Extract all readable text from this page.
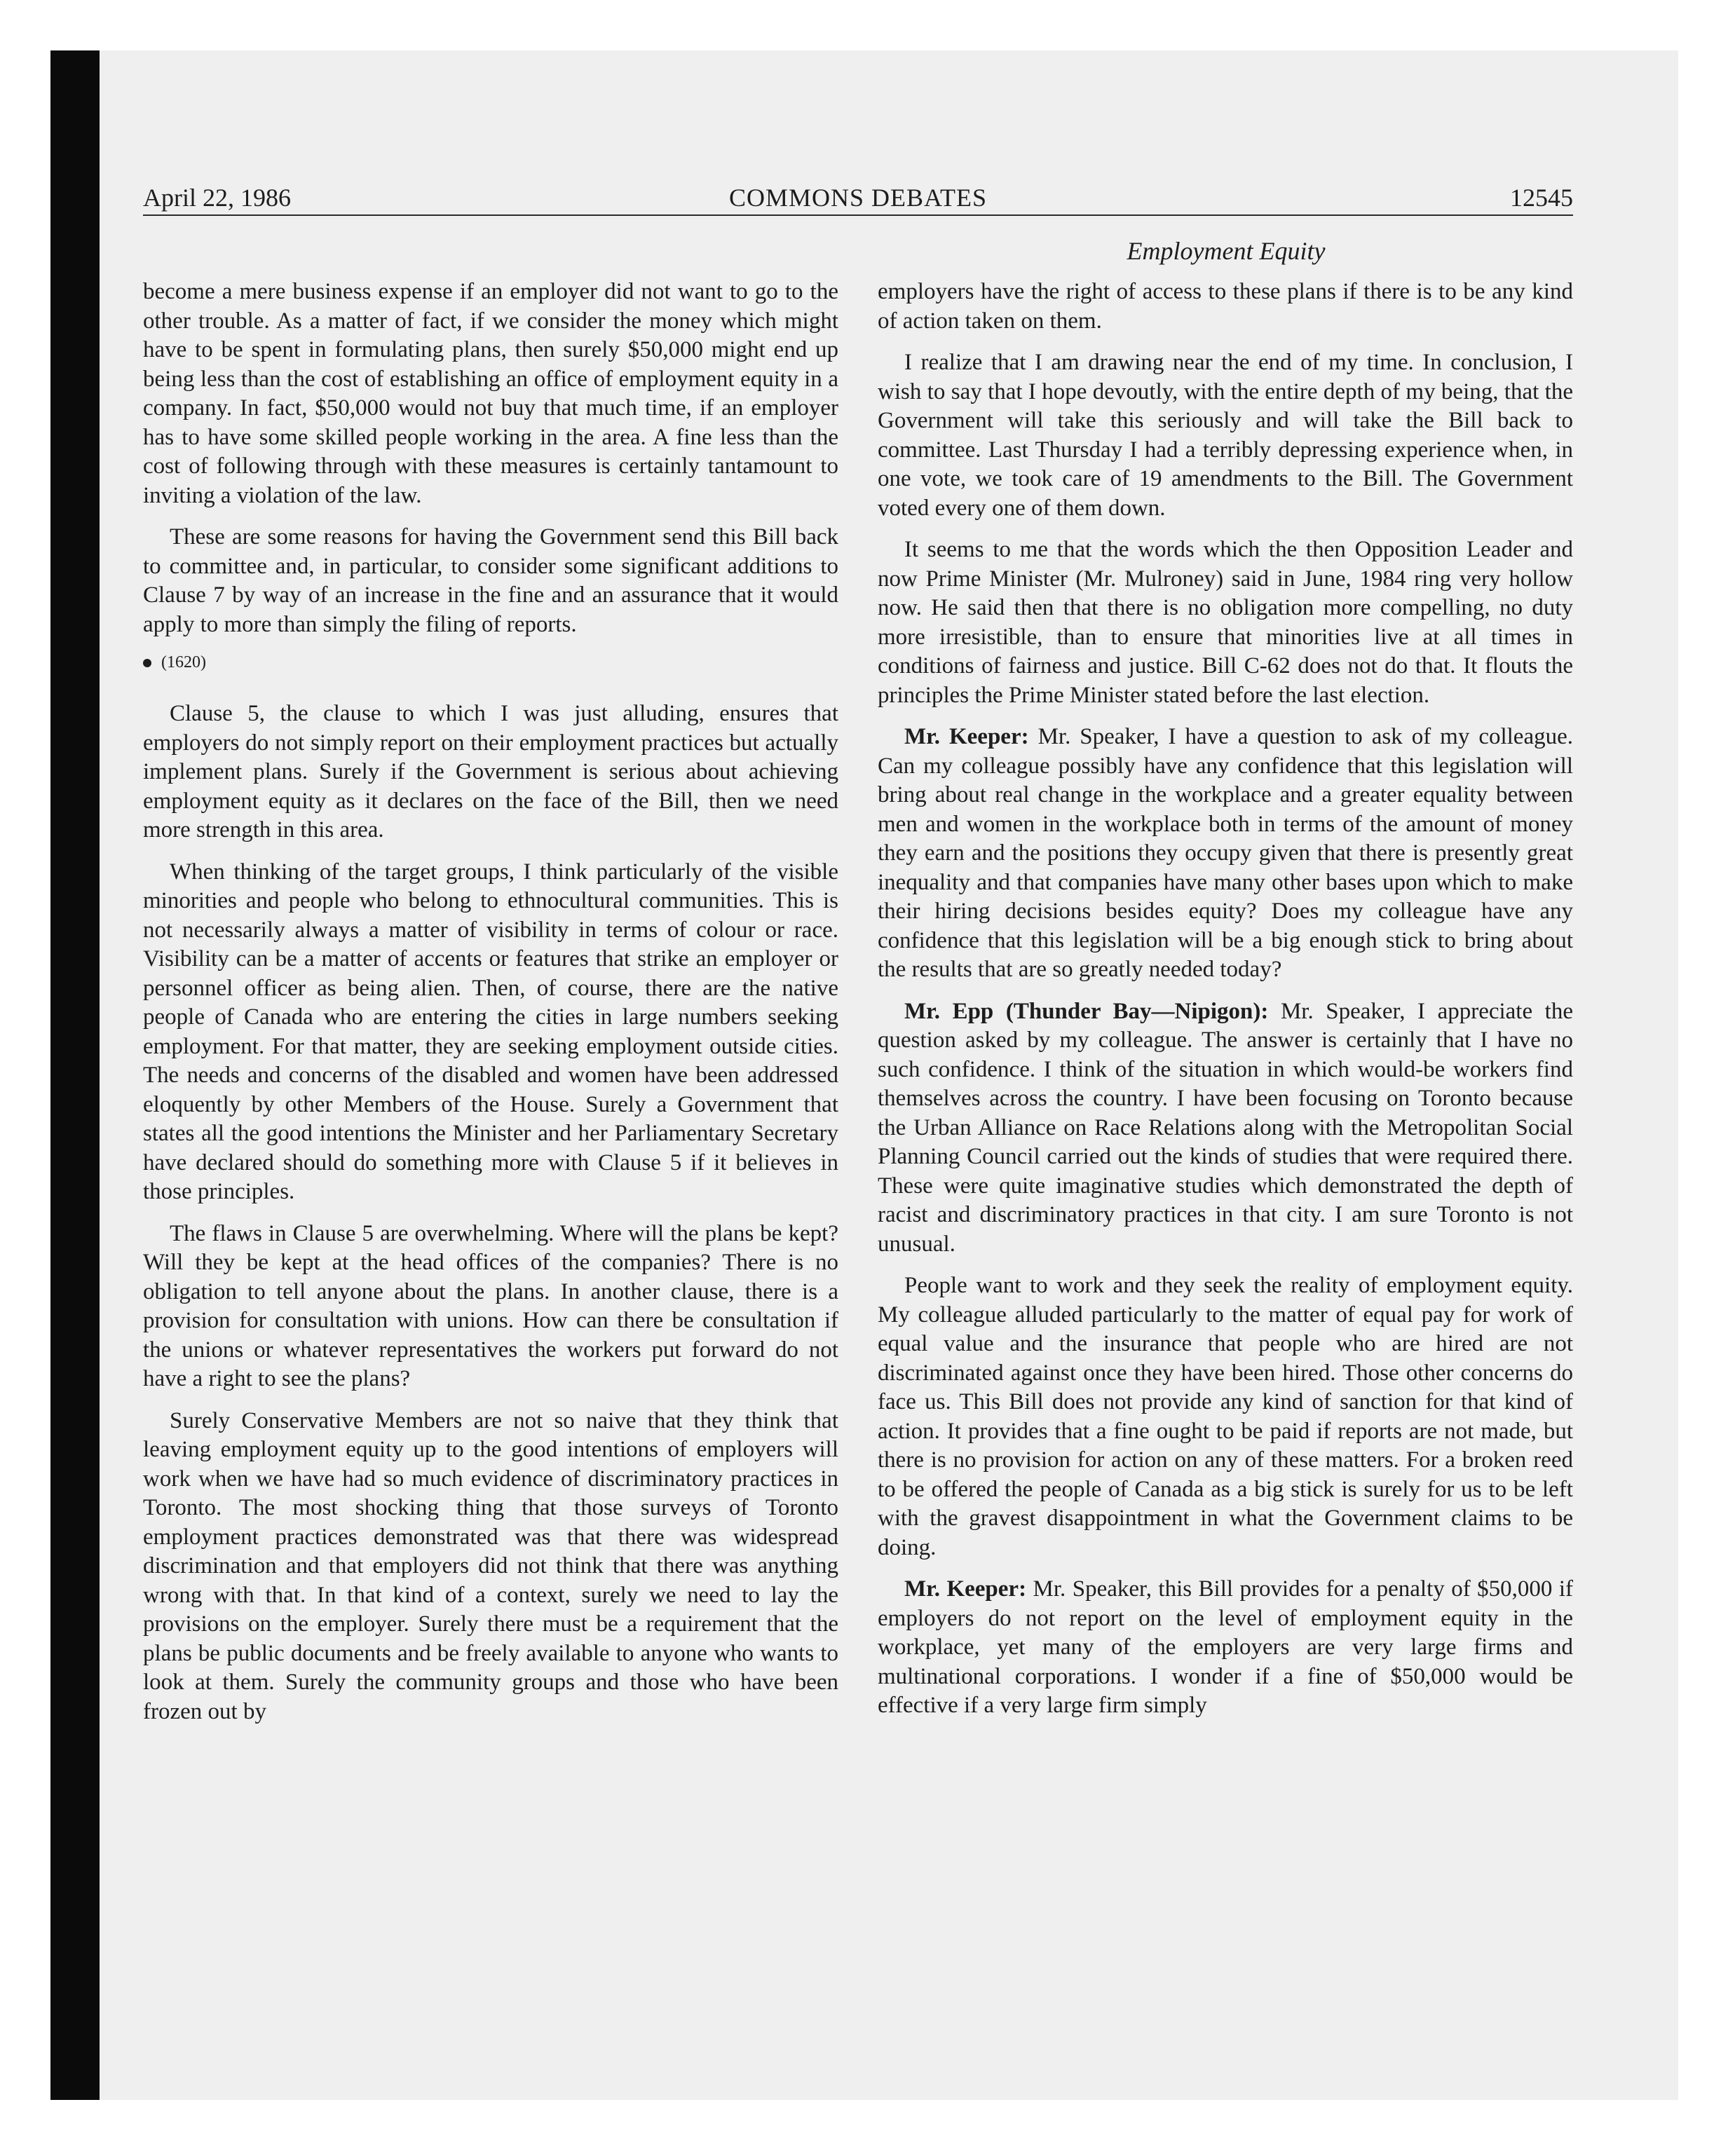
April 22, 1986	COMMONS DEBATES	12545
Employment Equity

become a mere business expense if an employer did not want to go to the other trouble. As a matter of fact, if we consider the money which might have to be spent in formulating plans, then surely $50,000 might end up being less than the cost of establishing an office of employment equity in a company. In fact, $50,000 would not buy that much time, if an employer has to have some skilled people working in the area. A fine less than the cost of following through with these measures is certainly tantamount to inviting a violation of the law.

These are some reasons for having the Government send this Bill back to committee and, in particular, to consider some significant additions to Clause 7 by way of an increase in the fine and an assurance that it would apply to more than simply the filing of reports.

(1620)

Clause 5, the clause to which I was just alluding, ensures that employers do not simply report on their employment practices but actually implement plans. Surely if the Government is serious about achieving employment equity as it declares on the face of the Bill, then we need more strength in this area.

When thinking of the target groups, I think particularly of the visible minorities and people who belong to ethnocultural communities. This is not necessarily always a matter of visibility in terms of colour or race. Visibility can be a matter of accents or features that strike an employer or personnel officer as being alien. Then, of course, there are the native people of Canada who are entering the cities in large numbers seeking employment. For that matter, they are seeking employment outside cities. The needs and concerns of the disabled and women have been addressed eloquently by other Members of the House. Surely a Government that states all the good intentions the Minister and her Parliamentary Secretary have declared should do something more with Clause 5 if it believes in those principles.

The flaws in Clause 5 are overwhelming. Where will the plans be kept? Will they be kept at the head offices of the companies? There is no obligation to tell anyone about the plans. In another clause, there is a provision for consultation with unions. How can there be consultation if the unions or whatever representatives the workers put forward do not have a right to see the plans?

Surely Conservative Members are not so naive that they think that leaving employment equity up to the good intentions of employers will work when we have had so much evidence of discriminatory practices in Toronto. The most shocking thing that those surveys of Toronto employment practices demonstrated was that there was widespread discrimination and that employers did not think that there was anything wrong with that. In that kind of a context, surely we need to lay the provisions on the employer. Surely there must be a requirement that the plans be public documents and be freely available to anyone who wants to look at them. Surely the community groups and those who have been frozen out by

employers have the right of access to these plans if there is to be any kind of action taken on them.

I realize that I am drawing near the end of my time. In conclusion, I wish to say that I hope devoutly, with the entire depth of my being, that the Government will take this seriously and will take the Bill back to committee. Last Thursday I had a terribly depressing experience when, in one vote, we took care of 19 amendments to the Bill. The Government voted every one of them down.

It seems to me that the words which the then Opposition Leader and now Prime Minister (Mr. Mulroney) said in June, 1984 ring very hollow now. He said then that there is no obligation more compelling, no duty more irresistible, than to ensure that minorities live at all times in conditions of fairness and justice. Bill C-62 does not do that. It flouts the principles the Prime Minister stated before the last election.

Mr. Keeper: Mr. Speaker, I have a question to ask of my colleague. Can my colleague possibly have any confidence that this legislation will bring about real change in the workplace and a greater equality between men and women in the workplace both in terms of the amount of money they earn and the positions they occupy given that there is presently great inequality and that companies have many other bases upon which to make their hiring decisions besides equity? Does my colleague have any confidence that this legislation will be a big enough stick to bring about the results that are so greatly needed today?

Mr. Epp (Thunder Bay—Nipigon): Mr. Speaker, I appreciate the question asked by my colleague. The answer is certainly that I have no such confidence. I think of the situation in which would-be workers find themselves across the country. I have been focusing on Toronto because the Urban Alliance on Race Relations along with the Metropolitan Social Planning Council carried out the kinds of studies that were required there. These were quite imaginative studies which demonstrated the depth of racist and discriminatory practices in that city. I am sure Toronto is not unusual.

People want to work and they seek the reality of employment equity. My colleague alluded particularly to the matter of equal pay for work of equal value and the insurance that people who are hired are not discriminated against once they have been hired. Those other concerns do face us. This Bill does not provide any kind of sanction for that kind of action. It provides that a fine ought to be paid if reports are not made, but there is no provision for action on any of these matters. For a broken reed to be offered the people of Canada as a big stick is surely for us to be left with the gravest disappointment in what the Government claims to be doing.

Mr. Keeper: Mr. Speaker, this Bill provides for a penalty of $50,000 if employers do not report on the level of employment equity in the workplace, yet many of the employers are very large firms and multinational corporations. I wonder if a fine of $50,000 would be effective if a very large firm simply
